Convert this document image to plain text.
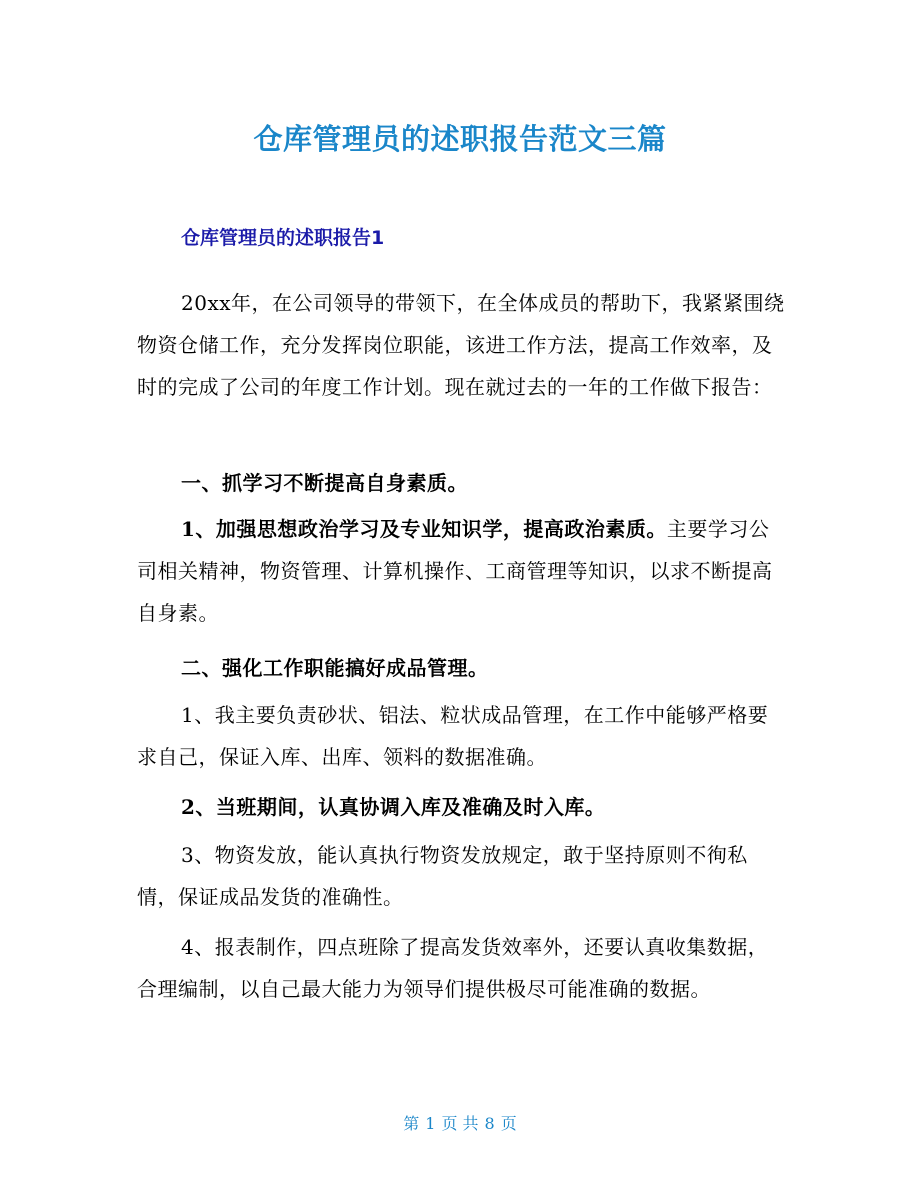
仓库管理员的述职报告范文三篇
仓库管理员的述职报告1

20xx年，在公司领导的带领下，在全体成员的帮助下，我紧紧围绕物资仓储工作，充分发挥岗位职能，该进工作方法，提高工作效率，及时的完成了公司的年度工作计划。现在就过去的一年的工作做下报告：

一、抓学习不断提高自身素质。

1、加强思想政治学习及专业知识学，提高政治素质。主要学习公司相关精神，物资管理、计算机操作、工商管理等知识，以求不断提高自身素。

二、强化工作职能搞好成品管理。

1、我主要负责砂状、铝法、粒状成品管理，在工作中能够严格要求自己，保证入库、出库、领料的数据准确。

2、当班期间，认真协调入库及准确及时入库。

3、物资发放，能认真执行物资发放规定，敢于坚持原则不徇私情，保证成品发货的准确性。

4、报表制作，四点班除了提高发货效率外，还要认真收集数据，合理编制，以自己最大能力为领导们提供极尽可能准确的数据。

第 1 页 共 8 页
